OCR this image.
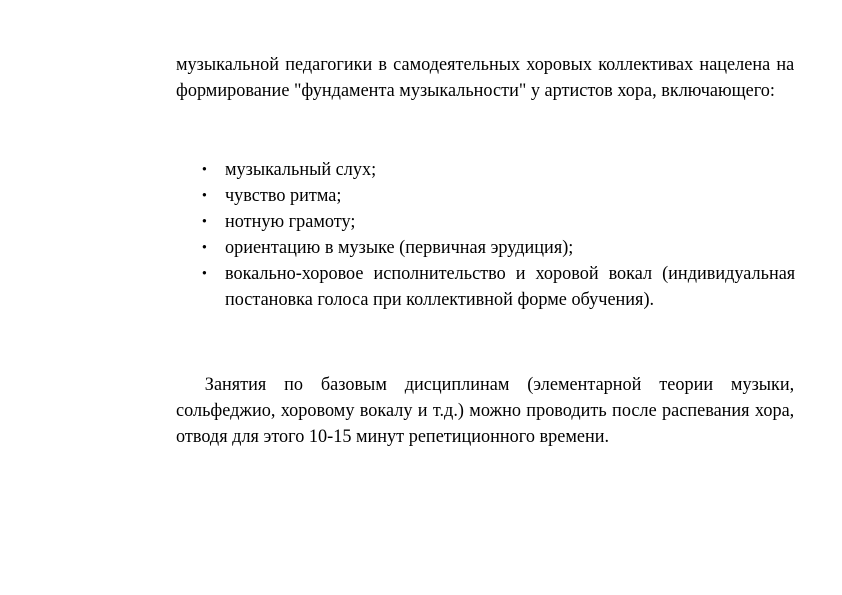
музыкальной педагогики в самодеятельных хоровых коллективах нацелена на формирование "фундамента музыкальности" у артистов хора, включающего:

• музыкальный слух;
• чувство ритма;
• нотную грамоту;
• ориентацию в музыке (первичная эрудиция);
• вокально-хоровое исполнительство и хоровой вокал (индивидуальная постановка голоса при коллективной форме обучения).

Занятия по базовым дисциплинам (элементарной теории музыки, сольфеджио, хоровому вокалу и т.д.) можно проводить после распевания хора, отводя для этого 10-15 минут репетиционного времени.
